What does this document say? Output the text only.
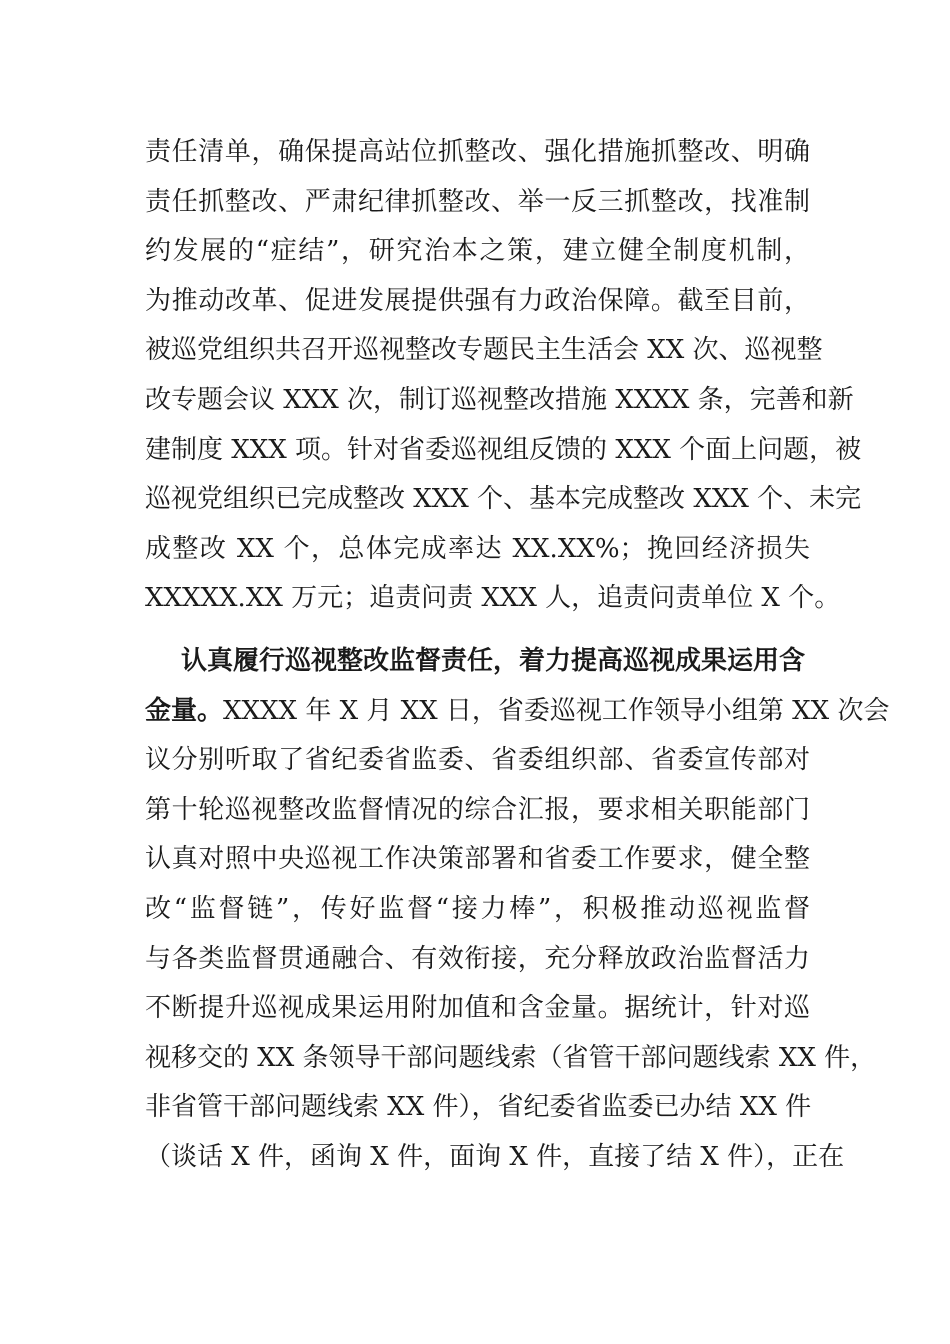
责任清单，确保提高站位抓整改、强化措施抓整改、明确
责任抓整改、严肃纪律抓整改、举一反三抓整改，找准制
约发展的“症结”，研究治本之策，建立健全制度机制，
为推动改革、促进发展提供强有力政治保障。截至目前，
被巡党组织共召开巡视整改专题民主生活会 XX 次、巡视整
改专题会议 XXX 次，制订巡视整改措施 XXXX 条，完善和新
建制度 XXX 项。针对省委巡视组反馈的 XXX 个面上问题，被
巡视党组织已完成整改 XXX 个、基本完成整改 XXX 个、未完
成整改 XX 个，总体完成率达 XX.XX%；挽回经济损失
XXXXX.XX 万元；追责问责 XXX 人，追责问责单位 X 个。
认真履行巡视整改监督责任，着力提高巡视成果运用含
金量。XXXX 年 X 月 XX 日，省委巡视工作领导小组第 XX 次会
议分别听取了省纪委省监委、省委组织部、省委宣传部对
第十轮巡视整改监督情况的综合汇报，要求相关职能部门
认真对照中央巡视工作决策部署和省委工作要求，健全整
改“监督链”，传好监督“接力棒”，积极推动巡视监督
与各类监督贯通融合、有效衔接，充分释放政治监督活力
不断提升巡视成果运用附加值和含金量。据统计，针对巡
视移交的 XX 条领导干部问题线索（省管干部问题线索 XX 件，
非省管干部问题线索 XX 件），省纪委省监委已办结 XX 件
（谈话 X 件，函询 X 件，面询 X 件，直接了结 X 件），正在
